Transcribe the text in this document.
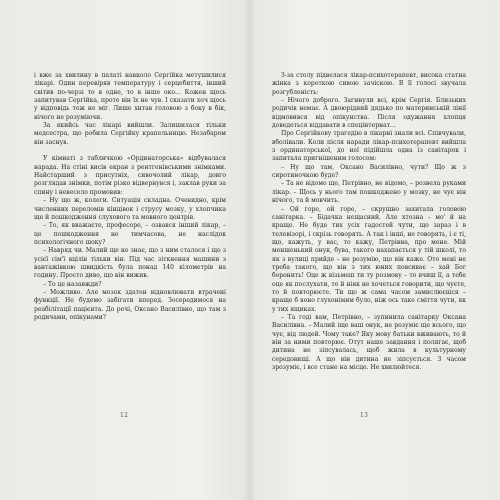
і вже за хвилину в палаті навколо Сергійка метушилися лікарі. Один перевіряв температуру і серцебиття, інший світив по-черзі то в одне, то в інше око... Кожен щось запитував Сергійка, проте він їх не чув. І сказати хоч щось у відповідь теж не міг. Лише хитав головою з боку в бік, нічого не розуміючи.

За якийсь час лікарі вийшли. Залишилася тільки медсестра, що робила Сергійку крапельницю. Незабаром він заснув.

У кімнаті з табличкою «Ординаторська» відбувалася нарада. На стіні висів екран з рентгенівськими знімками. Найстарший з присутніх, сивочолий лікар, довго розглядав знімки, потім різко відвернувся і, заклав руки за спину і невесело промовив:

– Ну що ж, колеги. Ситуація складна. Очевидно, крім численних переломів кінцівок і струсу мозку, у хлопчика ще й пошкодження слухового та мовного центрів.

– То, як вважаєте, професоре, – озвався інший лікар, – це пошкодження не тимчасова, не наслідок психологічного шоку?

– Навряд чи. Малий ще не знає, що з ним сталося і що з усієї сім'ї вцілів тільки він. Під час зіткнення машини з вантажівкою швидкість була понад 140 кілометрів на годину. Просто диво, що він вижив.

– То це назавжди?

– Можливо. Але мозок здатен відновлювати втрачені функції. Не будемо забігати вперед. Зосередимося на реабілітації пацієнта. До речі, Оксано Василівно, що там з родичами, опікунами?

З-за столу підвелася лікар-психотерапевт, висока статна жінка з короткою сивою зачіскою. В її голосі звучала розгубленість:

– Нічого доброго. Загинули всі, крім Сергія. Близьких родичів немає. А двоюрідний дядько по материнській лінії відмовився від опікунства. Після одужання хлопця доведеться віддавати в спецінтернат...

Про Сергійкову трагедію в лікарні знали всі. Співчували, вболівали. Коли після наради лікар-психотерапевт вийшла з ординаторської, до неї підійшла одна із санітарок і запитала пригнішеним голосом:

– Ну що там, Оксано Василівно, чути? Що ж з сиротиночкою буде?

– Та не відомо ще, Петрівно, не відомо, – розвела руками лікар. – Щось у нього там пошкоджено у мозку, не чує він нічого, та й мовчить.

– Ой горе, ой горе, – скрушно захитала головою санітарка. – Бідачка нещасний. Але хтозна – мо' й на краще. Не буде тих усіх гадостей чути, що зараз і в телевізорі, і скрізь говорять. А так і інші, не говорять, і є ті, що, кажуть, у вас, то кажу, Петрівна, про мене. Мій меншенький онук, бува, такого нахапається у тій школі, то як з вулиці прийде – не розумію, що він каже. Ото мені не треба такого, що він з тих юних повсиває – хай Бог боронить! Оце ж візьмеш ти ту розмову – то вчиш її, а тебе оце як послухати, то й ніяк не хочеться говорити, що чуєте, то й повторюєте. Ти що ж сама часом замислюєшся – краще б воно глухонімим було, ніж ось таке сміття чути, як у тих ящиках.

– Та годі вам, Петрівно, – зупинила санітарку Оксана Василівна. – Малий іще ваш онук, не розуміє ще всього, що чує, від людей. Чому таке? Яку мову батьки вживають, то й він за ними повторює. Отут наше завдання і полягає, щоб дитина не зіпсувалась, щоб жила в культурному середовищі. А що він дитина не зіпсується. З часом зрозуміє, і все стане на місце. Не хвилюйтеся.

12	13
